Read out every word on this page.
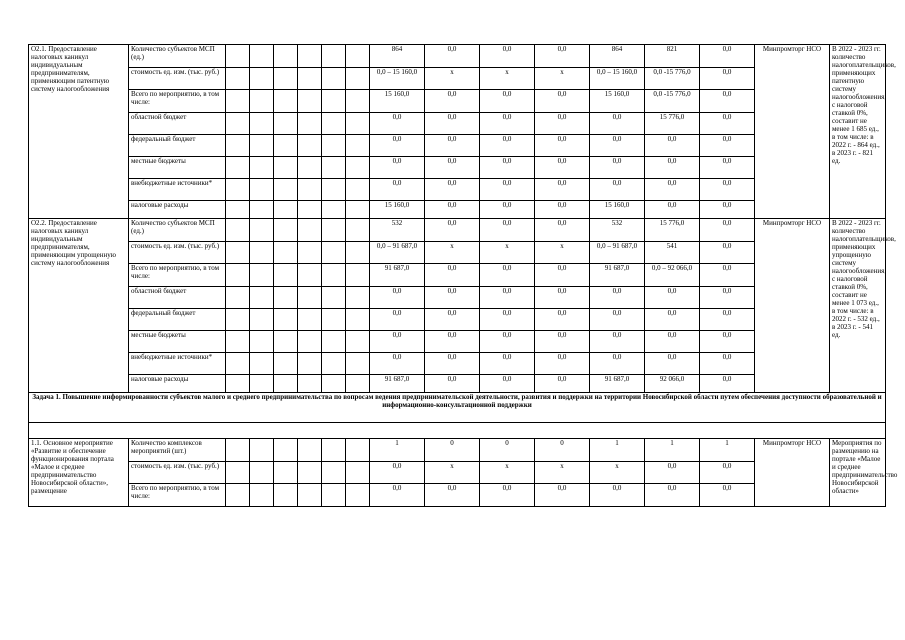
О2.1. Предоставление налоговых каникул индивидуальным предпринимателям, применяющим патентную систему налогообложения	Количество субъектов МСП (ед.)							864	0,0	0,0	0,0	864	821	0,0	Минпромторг НСО	В 2022 - 2023 гг. количество налогоплательщиков, применяющих патентную систему налогообложения, с налоговой ставкой 0%, составит не менее 1 685 ед., в том числе: в 2022 г. - 864 ед., в 2023 г. - 821 ед.
	стоимость ед. изм. (тыс. руб.)							0,0 – 15 160,0	x	x	x	0,0 – 15 160,0	0,0 -15 776,0	0,0		
	Всего по мероприятию, в том числе:							15 160,0	0,0	0,0	0,0	15 160,0	0,0 -15 776,0	0,0		
	областной бюджет							0,0	0,0	0,0	0,0	0,0	15 776,0	0,0		
	федеральный бюджет							0,0	0,0	0,0	0,0	0,0	0,0	0,0		
	местные бюджеты							0,0	0,0	0,0	0,0	0,0	0,0	0,0		
	внебюджетные источники*							0,0	0,0	0,0	0,0	0,0	0,0	0,0		
	налоговые расходы							15 160,0	0,0	0,0	0,0	15 160,0	0,0	0,0		
О2.2. Предоставление налоговых каникул индивидуальным предпринимателям, применяющим упрощенную систему налогообложения	Количество субъектов МСП (ед.)							532	0,0	0,0	0,0	532	15 776,0	0,0	Минпромторг НСО	В 2022 - 2023 гг. количество налогоплательщиков, применяющих упрощенную систему налогообложения, с налоговой ставкой 0%, составит не менее 1 073 ед., в том числе: в 2022 г. - 532 ед., в 2023 г. - 541 ед.
	стоимость ед. изм. (тыс. руб.)							0,0 – 91 687,0	x	x	x	0,0 – 91 687,0	541	0,0		
	Всего по мероприятию, в том числе:							91 687,0	0,0	0,0	0,0	91 687,0	0,0 – 92 066,0	0,0		
	областной бюджет							0,0	0,0	0,0	0,0	0,0	0,0	0,0		
	федеральный бюджет							0,0	0,0	0,0	0,0	0,0	0,0	0,0		
	местные бюджеты							0,0	0,0	0,0	0,0	0,0	0,0	0,0		
	внебюджетные источники*							0,0	0,0	0,0	0,0	0,0	0,0	0,0		
	налоговые расходы							91 687,0	0,0	0,0	0,0	91 687,0	92 066,0	0,0		
Задача 1. Повышение информированности субъектов малого и среднего предпринимательства по вопросам ведения предпринимательской деятельности, развития и поддержки на территории Новосибирской области путем обеспечения доступности образовательной и информационно-консультационной поддержки																

1.1. Основное мероприятие «Развитие и обеспечение функционирования портала «Малое и среднее предпринимательство Новосибирской области», размещение	Количество комплексов мероприятий (шт.)							1	0	0	0	1	1	1	Минпромторг НСО	Мероприятия по размещению на портале «Малое и среднее предпринимательство Новосибирской области»
	стоимость ед. изм. (тыс. руб.)							0,0	x	x	x	x	0,0	0,0		
	Всего по мероприятию, в том числе:							0,0	0,0	0,0	0,0	0,0	0,0	0,0		
